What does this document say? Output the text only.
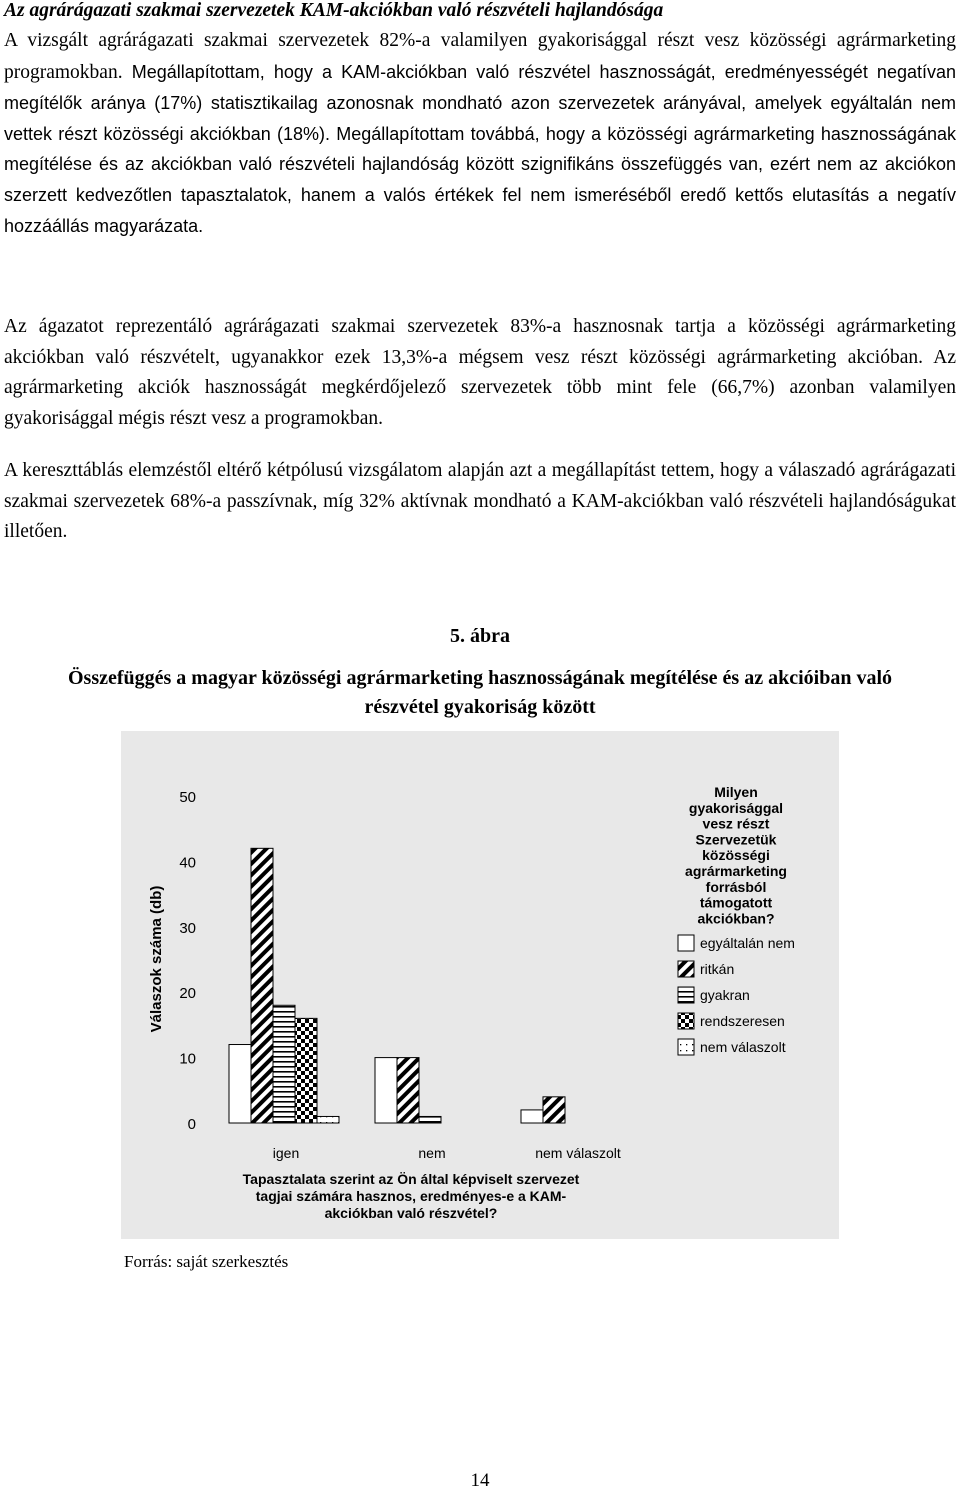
Az agrárágazati szakmai szervezetek KAM-akciókban való részvételi hajlandósága

A vizsgált agrárágazati szakmai szervezetek 82%-a valamilyen gyakorisággal részt vesz közösségi agrármarketing programokban. Megállapítottam, hogy a KAM-akciókban való részvétel hasznosságát, eredményességét negatívan megítélők aránya (17%) statisztikailag azonosnak mondható azon szervezetek arányával, amelyek egyáltalán nem vettek részt közösségi akciókban (18%). Megállapítottam továbbá, hogy a közösségi agrármarketing hasznosságának megítélése és az akciókban való részvételi hajlandóság között szignifikáns összefüggés van, ezért nem az akciókon szerzett kedvezőtlen tapasztalatok, hanem a valós értékek fel nem ismeréséből eredő kettős elutasítás a negatív hozzáállás magyarázata.

Az ágazatot reprezentáló agrárágazati szakmai szervezetek 83%-a hasznosnak tartja a közösségi agrármarketing akciókban való részvételt, ugyanakkor ezek 13,3%-a mégsem vesz részt közösségi agrármarketing akcióban. Az agrármarketing akciók hasznosságát megkérdőjelező szervezetek több mint fele (66,7%) azonban valamilyen gyakorisággal mégis részt vesz a programokban.

A kereszttáblás elemzéstől eltérő kétpólusú vizsgálatom alapján azt a megállapítást tettem, hogy a válaszadó agrárágazati szakmai szervezetek 68%-a passzívnak, míg 32% aktívnak mondható a KAM-akciókban való részvételi hajlandóságukat illetően.

5. ábra
Összefüggés a magyar közösségi agrármarketing hasznosságának megítélése és az akcióiban való részvétel gyakoriság között
0
10
20
30
40
50
Válaszok száma (db)
Milyen
gyakorisággal
vesz részt
Szervezetük
közösségi
agrármarketing
forrásból
támogatott
akciókban?
egyáltalán nem
ritkán
gyakran
rendszeresen
nem válaszolt
igen	nem	nem válaszolt
Tapasztalata szerint az Ön által képviselt szervezet
tagjai számára hasznos, eredményes-e a KAM-
akciókban való részvétel?
Forrás: saját szerkesztés
14
